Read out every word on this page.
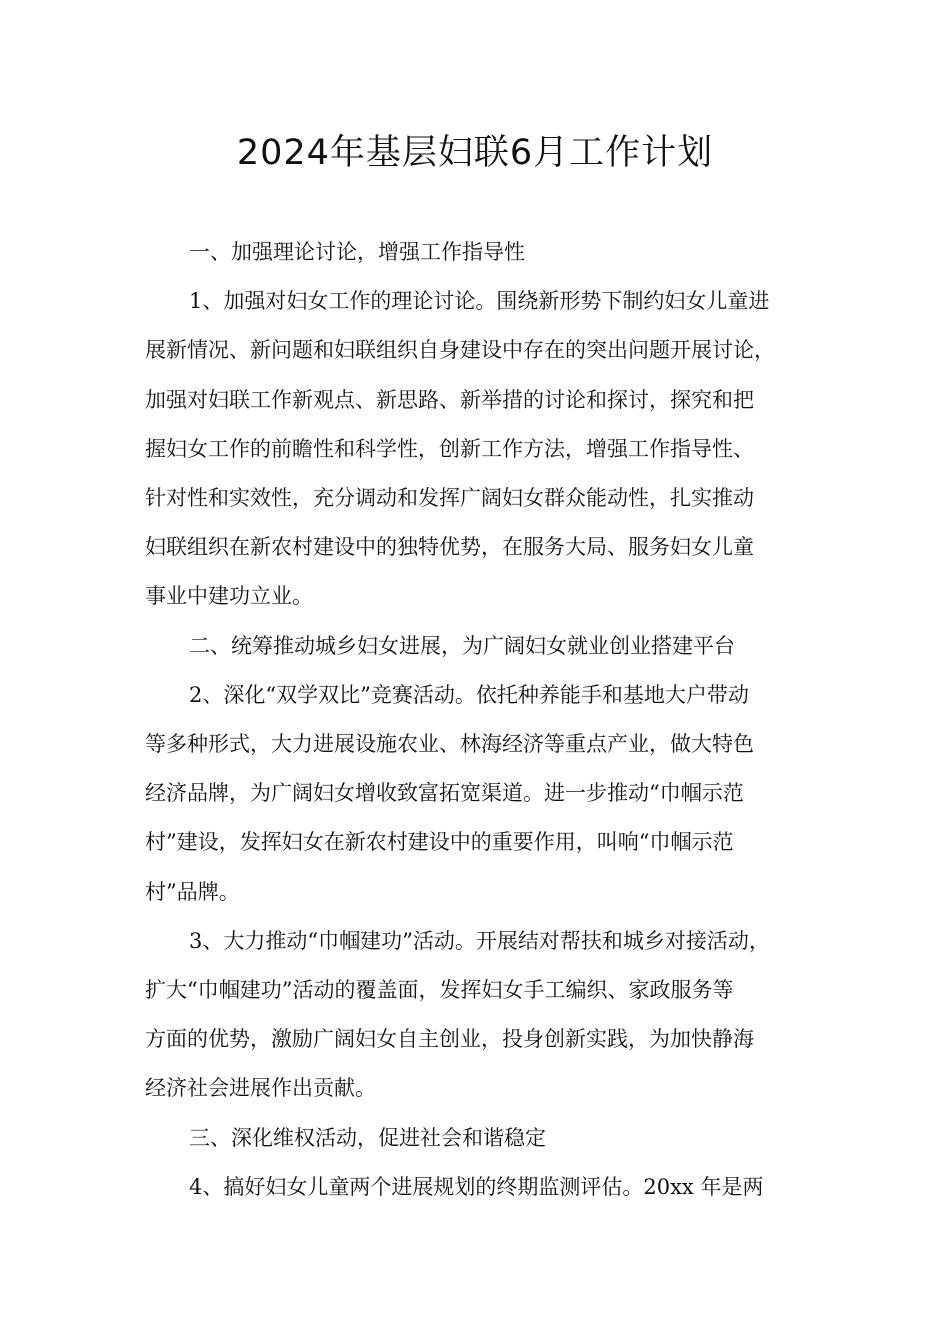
2024年基层妇联6月工作计划
一、加强理论讨论，增强工作指导性
1、加强对妇女工作的理论讨论。围绕新形势下制约妇女儿童进
展新情况、新问题和妇联组织自身建设中存在的突出问题开展讨论，
加强对妇联工作新观点、新思路、新举措的讨论和探讨，探究和把
握妇女工作的前瞻性和科学性，创新工作方法，增强工作指导性、
针对性和实效性，充分调动和发挥广阔妇女群众能动性，扎实推动
妇联组织在新农村建设中的独特优势，在服务大局、服务妇女儿童
事业中建功立业。
二、统筹推动城乡妇女进展，为广阔妇女就业创业搭建平台
2、深化“双学双比”竞赛活动。依托种养能手和基地大户带动
等多种形式，大力进展设施农业、林海经济等重点产业，做大特色
经济品牌，为广阔妇女增收致富拓宽渠道。进一步推动“巾帼示范
村”建设，发挥妇女在新农村建设中的重要作用，叫响“巾帼示范
村”品牌。
3、大力推动“巾帼建功”活动。开展结对帮扶和城乡对接活动，
扩大“巾帼建功”活动的覆盖面，发挥妇女手工编织、家政服务等
方面的优势，激励广阔妇女自主创业，投身创新实践，为加快静海
经济社会进展作出贡献。
三、深化维权活动，促进社会和谐稳定
4、搞好妇女儿童两个进展规划的终期监测评估。20xx 年是两
